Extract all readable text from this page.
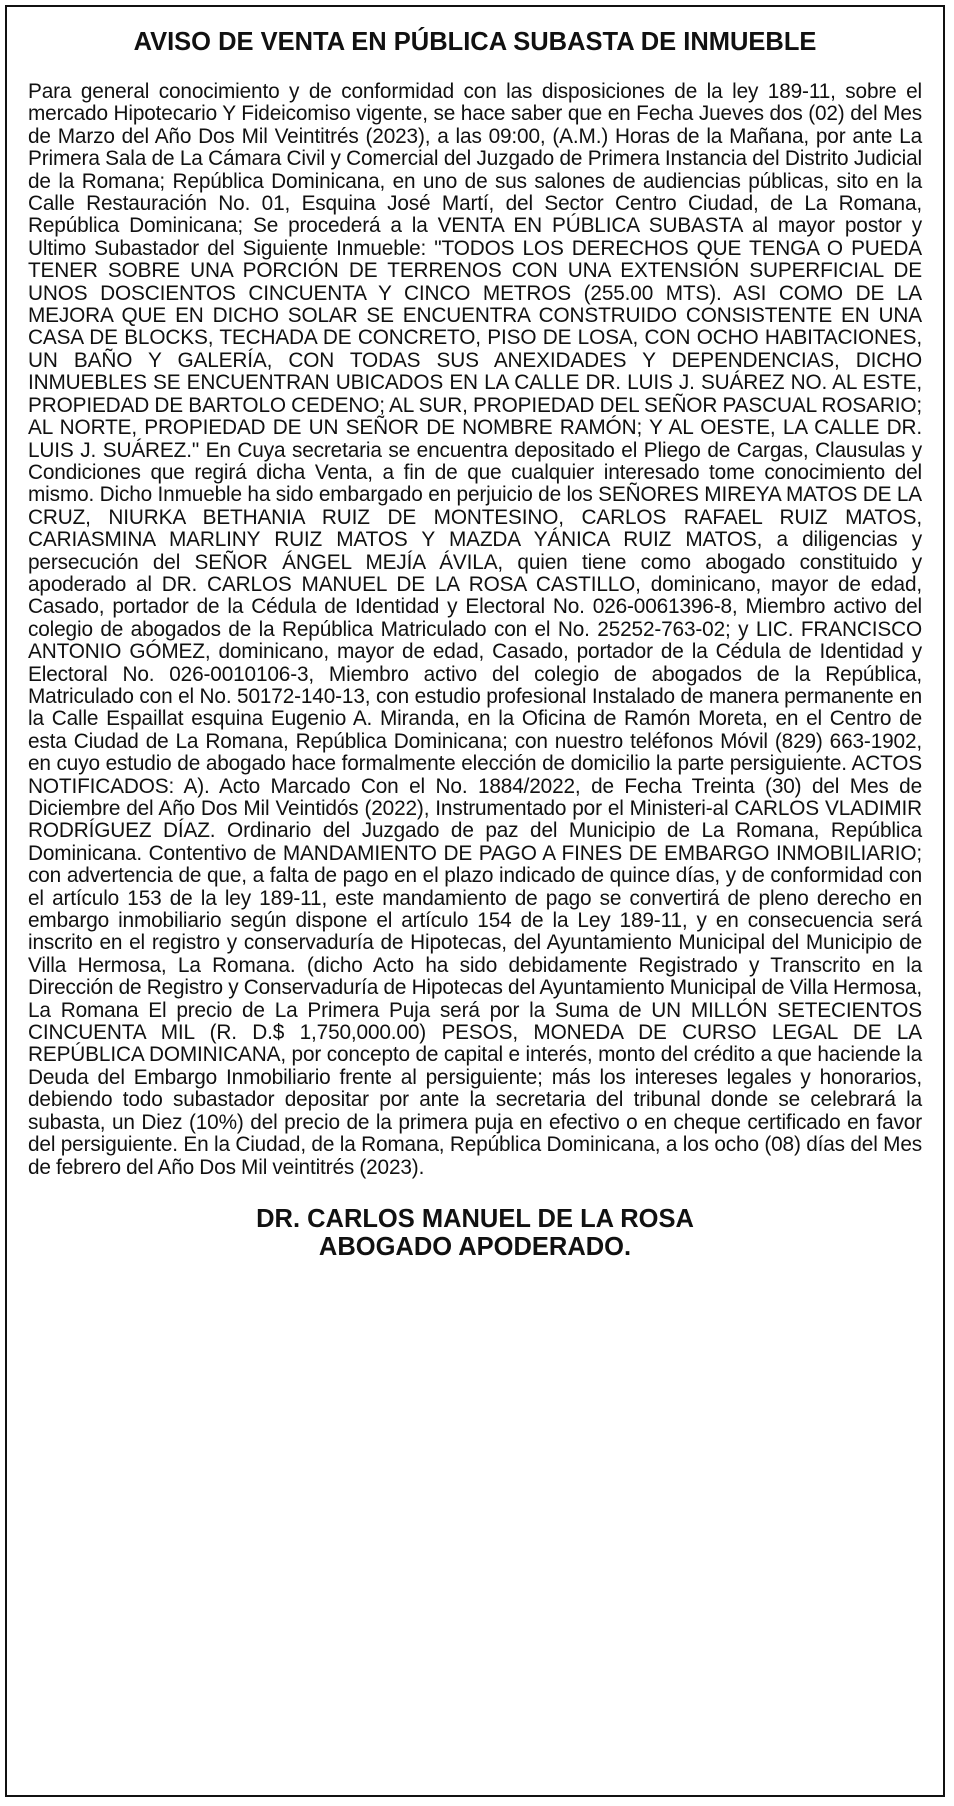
AVISO DE VENTA EN PÚBLICA SUBASTA DE INMUEBLE

Para general conocimiento y de conformidad con las disposiciones de la ley 189-11, sobre el mercado Hipotecario Y Fideicomiso vigente, se hace saber que en Fecha Jueves dos (02) del Mes de Marzo del Año Dos Mil Veintitrés (2023), a las 09:00, (A.M.) Horas de la Mañana, por ante La Primera Sala de La Cámara Civil y Comercial del Juzgado de Primera Instancia del Distrito Judicial de la Romana; República Dominicana, en uno de sus salones de audiencias públicas, sito en la Calle Restauración No. 01, Esquina José Martí, del Sector Centro Ciudad, de La Romana, República Dominicana; Se procederá a la VENTA EN PÚBLICA SUBASTA al mayor postor y Ultimo Subastador del Siguiente Inmueble: "TODOS LOS DERECHOS QUE TENGA O PUEDA TENER SOBRE UNA PORCIÓN DE TERRENOS CON UNA EXTENSIÓN SUPERFICIAL DE UNOS DOSCIENTOS CINCUENTA Y CINCO METROS (255.00 MTS). ASI COMO DE LA MEJORA QUE EN DICHO SOLAR SE ENCUENTRA CONSTRUIDO CONSISTENTE EN UNA CASA DE BLOCKS, TECHADA DE CONCRETO, PISO DE LOSA, CON OCHO HABITACIONES, UN BAÑO Y GALERÍA, CON TODAS SUS ANEXIDADES Y DEPENDENCIAS, DICHO INMUEBLES SE ENCUENTRAN UBICADOS EN LA CALLE DR. LUIS J. SUÁREZ NO. AL ESTE, PROPIEDAD DE BARTOLO CEDENO; AL SUR, PROPIEDAD DEL SEÑOR PASCUAL ROSARIO; AL NORTE, PROPIEDAD DE UN SEÑOR DE NOMBRE RAMÓN; Y AL OESTE, LA CALLE DR. LUIS J. SUÁREZ." En Cuya secretaria se encuentra depositado el Pliego de Cargas, Clausulas y Condiciones que regirá dicha Venta, a fin de que cualquier interesado tome conocimiento del mismo. Dicho Inmueble ha sido embargado en perjuicio de los SEÑORES MIREYA MATOS DE LA CRUZ, NIURKA BETHANIA RUIZ DE MONTESINO, CARLOS RAFAEL RUIZ MATOS, CARIASMINA MARLINY RUIZ MATOS Y MAZDA YÁNICA RUIZ MATOS, a diligencias y persecución del SEÑOR ÁNGEL MEJÍA ÁVILA, quien tiene como abogado constituido y apoderado al DR. CARLOS MANUEL DE LA ROSA CASTILLO, dominicano, mayor de edad, Casado, portador de la Cédula de Identidad y Electoral No. 026-0061396-8, Miembro activo del colegio de abogados de la República Matriculado con el No. 25252-763-02; y LIC. FRANCISCO ANTONIO GÓMEZ, dominicano, mayor de edad, Casado, portador de la Cédula de Identidad y Electoral No. 026-0010106-3, Miembro activo del colegio de abogados de la República, Matriculado con el No. 50172-140-13, con estudio profesional Instalado de manera permanente en la Calle Espaillat esquina Eugenio A. Miranda, en la Oficina de Ramón Moreta, en el Centro de esta Ciudad de La Romana, República Dominicana; con nuestro teléfonos Móvil (829) 663-1902, en cuyo estudio de abogado hace formalmente elección de domicilio la parte persiguiente. ACTOS NOTIFICADOS: A). Acto Marcado Con el No. 1884/2022, de Fecha Treinta (30) del Mes de Diciembre del Año Dos Mil Veintidós (2022), Instrumentado por el Ministeri-al CARLOS VLADIMIR RODRÍGUEZ DÍAZ. Ordinario del Juzgado de paz del Municipio de La Romana, República Dominicana. Contentivo de MANDAMIENTO DE PAGO A FINES DE EMBARGO INMOBILIARIO; con advertencia de que, a falta de pago en el plazo indicado de quince días, y de conformidad con el artículo 153 de la ley 189-11, este mandamiento de pago se convertirá de pleno derecho en embargo inmobiliario según dispone el artículo 154 de la Ley 189-11, y en consecuencia será inscrito en el registro y conservaduría de Hipotecas, del Ayuntamiento Municipal del Municipio de Villa Hermosa, La Romana. (dicho Acto ha sido debidamente Registrado y Transcrito en la Dirección de Registro y Conservaduría de Hipotecas del Ayuntamiento Municipal de Villa Hermosa, La Romana El precio de La Primera Puja será por la Suma de UN MILLÓN SETECIENTOS CINCUENTA MIL (R. D.$ 1,750,000.00) PESOS, MONEDA DE CURSO LEGAL DE LA REPÚBLICA DOMINICANA, por concepto de capital e interés, monto del crédito a que haciende la Deuda del Embargo Inmobiliario frente al persiguiente; más los intereses legales y honorarios, debiendo todo subastador depositar por ante la secretaria del tribunal donde se celebrará la subasta, un Diez (10%) del precio de la primera puja en efectivo o en cheque certificado en favor del persiguiente. En la Ciudad, de la Romana, República Dominicana, a los ocho (08) días del Mes de febrero del Año Dos Mil veintitrés (2023).

DR. CARLOS MANUEL DE LA ROSA
ABOGADO APODERADO.
